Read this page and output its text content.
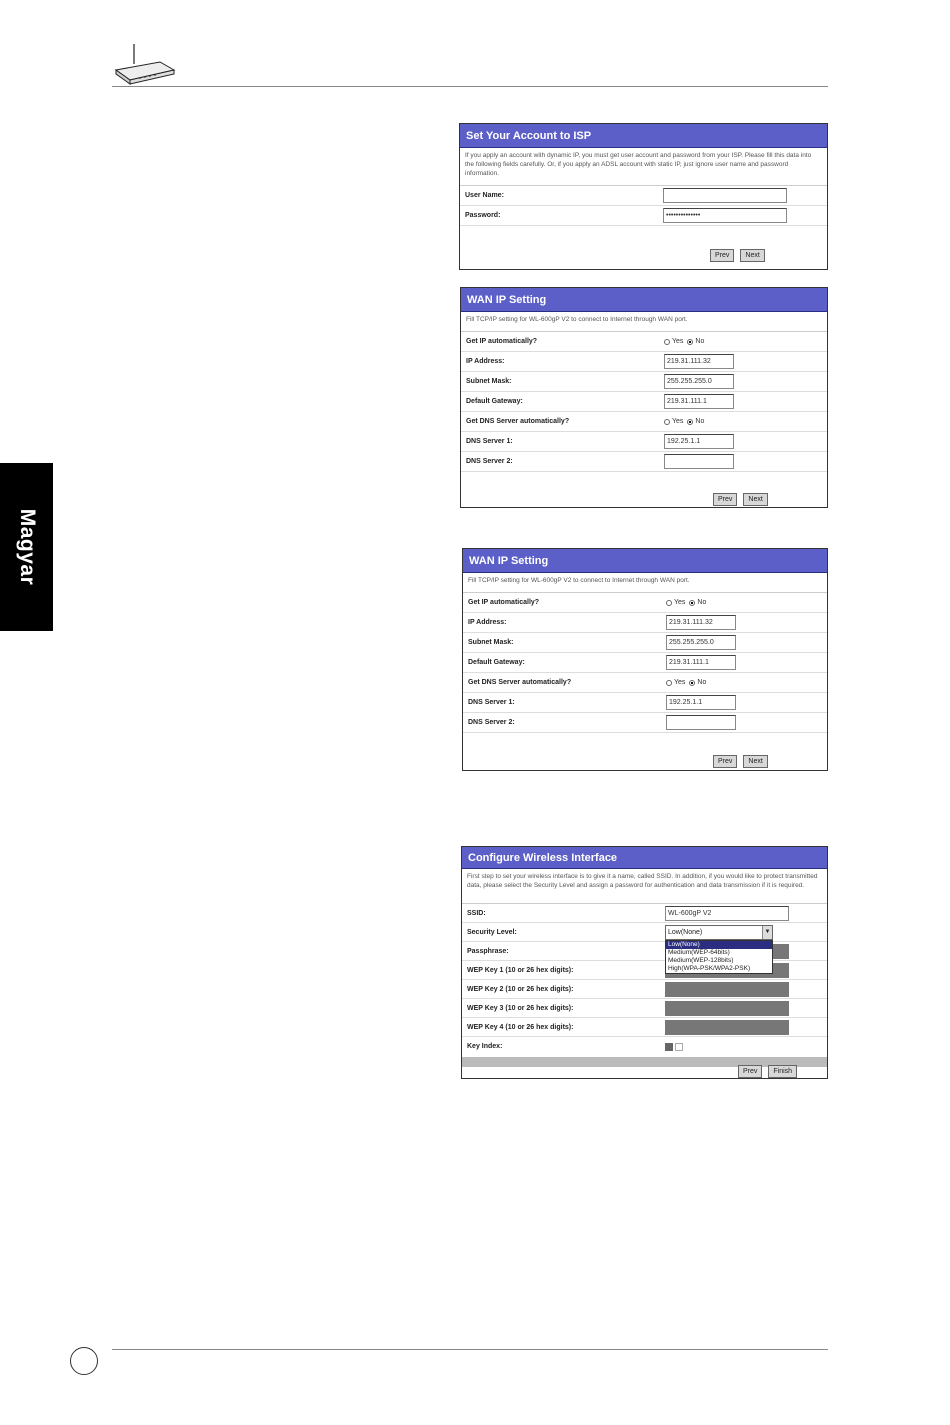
Magyar
Set Your Account to ISP
If you apply an account with dynamic IP, you must get user account and password from your ISP. Please fill this data into the following fields carefully. Or, if you apply an ADSL account with static IP, just ignore user name and password information.
User Name:
Password:	••••••••••••••
Prev	Next
WAN IP Setting
Fill TCP/IP setting for WL-600gP V2 to connect to Internet through WAN port.
Get IP automatically?	Yes No
IP Address:	219.31.111.32
Subnet Mask:	255.255.255.0
Default Gateway:	219.31.111.1
Get DNS Server automatically?	Yes No
DNS Server 1:	192.25.1.1
DNS Server 2:
Prev	Next
WAN IP Setting
Fill TCP/IP setting for WL-600gP V2 to connect to Internet through WAN port.
Get IP automatically?	Yes No
IP Address:	219.31.111.32
Subnet Mask:	255.255.255.0
Default Gateway:	219.31.111.1
Get DNS Server automatically?	Yes No
DNS Server 1:	192.25.1.1
DNS Server 2:
Prev	Next
Configure Wireless Interface
First step to set your wireless interface is to give it a name, called SSID. In addition, if you would like to protect transmitted data, please select the Security Level and assign a password for authentication and data transmission if it is required.
SSID:	WL-600gP V2
Security Level:	Low(None)	▼
Passphrase:
WEP Key 1 (10 or 26 hex digits):
WEP Key 2 (10 or 26 hex digits):
WEP Key 3 (10 or 26 hex digits):
WEP Key 4 (10 or 26 hex digits):
Key Index:
Prev	Finish
Low(None)
Medium(WEP-64bits)
Medium(WEP-128bits)
High(WPA-PSK/WPA2-PSK)
